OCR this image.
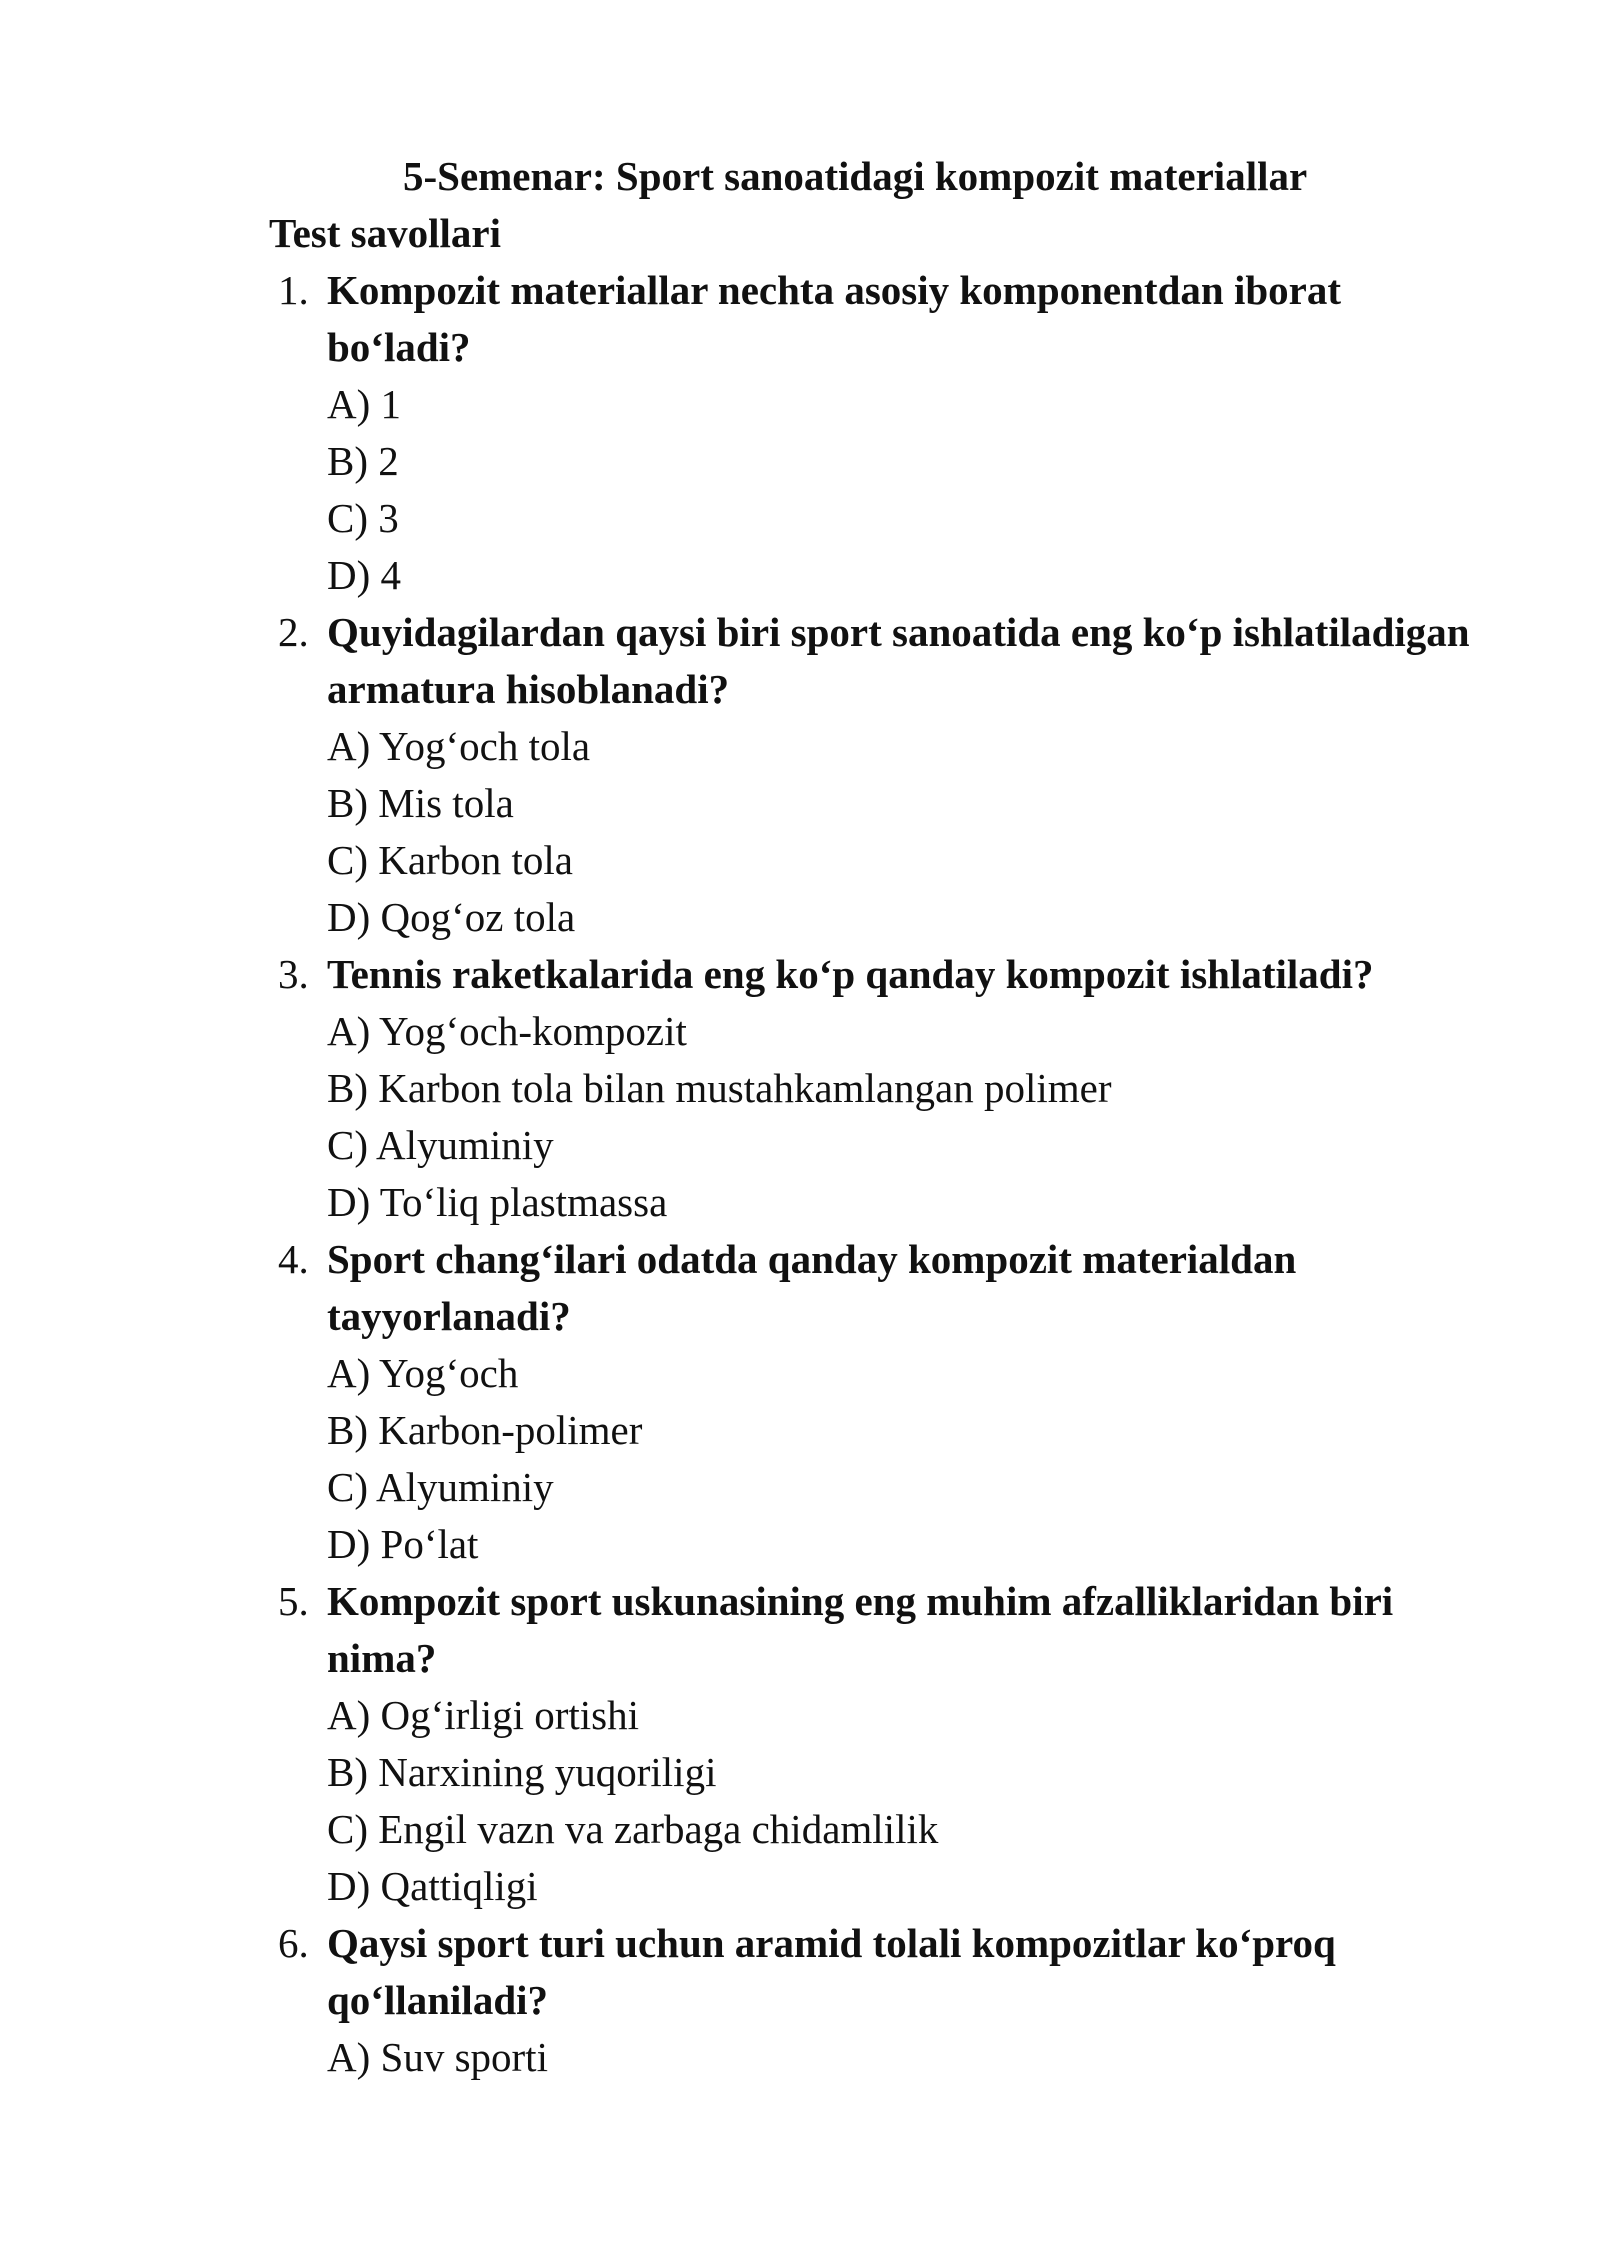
5-Semenar: Sport sanoatidagi kompozit materiallar
Test savollari
1. Kompozit materiallar nechta asosiy komponentdan iborat bo‘ladi?
A) 1
B) 2
C) 3
D) 4
2. Quyidagilardan qaysi biri sport sanoatida eng ko‘p ishlatiladigan armatura hisoblanadi?
A) Yog‘och tola
B) Mis tola
C) Karbon tola
D) Qog‘oz tola
3. Tennis raketkalarida eng ko‘p qanday kompozit ishlatiladi?
A) Yog‘och-kompozit
B) Karbon tola bilan mustahkamlangan polimer
C) Alyuminiy
D) To‘liq plastmassa
4. Sport chang‘ilari odatda qanday kompozit materialdan tayyorlanadi?
A) Yog‘och
B) Karbon-polimer
C) Alyuminiy
D) Po‘lat
5. Kompozit sport uskunasining eng muhim afzalliklaridan biri nima?
A) Og‘irligi ortishi
B) Narxining yuqoriligi
C) Engil vazn va zarbaga chidamlilik
D) Qattiqligi
6. Qaysi sport turi uchun aramid tolali kompozitlar ko‘proq qo‘llaniladi?
A) Suv sporti
